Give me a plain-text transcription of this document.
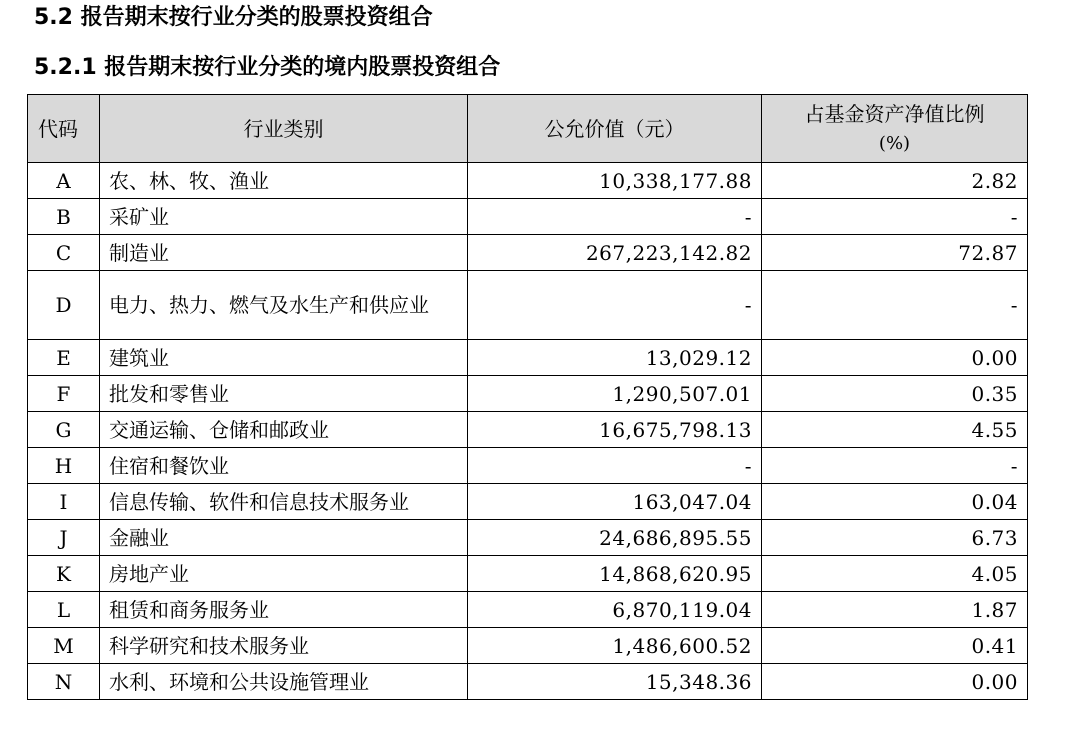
5.2 报告期末按行业分类的股票投资组合
5.2.1 报告期末按行业分类的境内股票投资组合
代码	行业类别	公允价值（元）	占基金资产净值比例
(%)

A	农、林、牧、渔业	10,338,177.88	2.82
B	采矿业	-	-
C	制造业	267,223,142.82	72.87
D	电力、热力、燃气及水生产和供应业	-	-
E	建筑业	13,029.12	0.00
F	批发和零售业	1,290,507.01	0.35
G	交通运输、仓储和邮政业	16,675,798.13	4.55
H	住宿和餐饮业	-	-
I	信息传输、软件和信息技术服务业	163,047.04	0.04
J	金融业	24,686,895.55	6.73
K	房地产业	14,868,620.95	4.05
L	租赁和商务服务业	6,870,119.04	1.87
M	科学研究和技术服务业	1,486,600.52	0.41
N	水利、环境和公共设施管理业	15,348.36	0.00
